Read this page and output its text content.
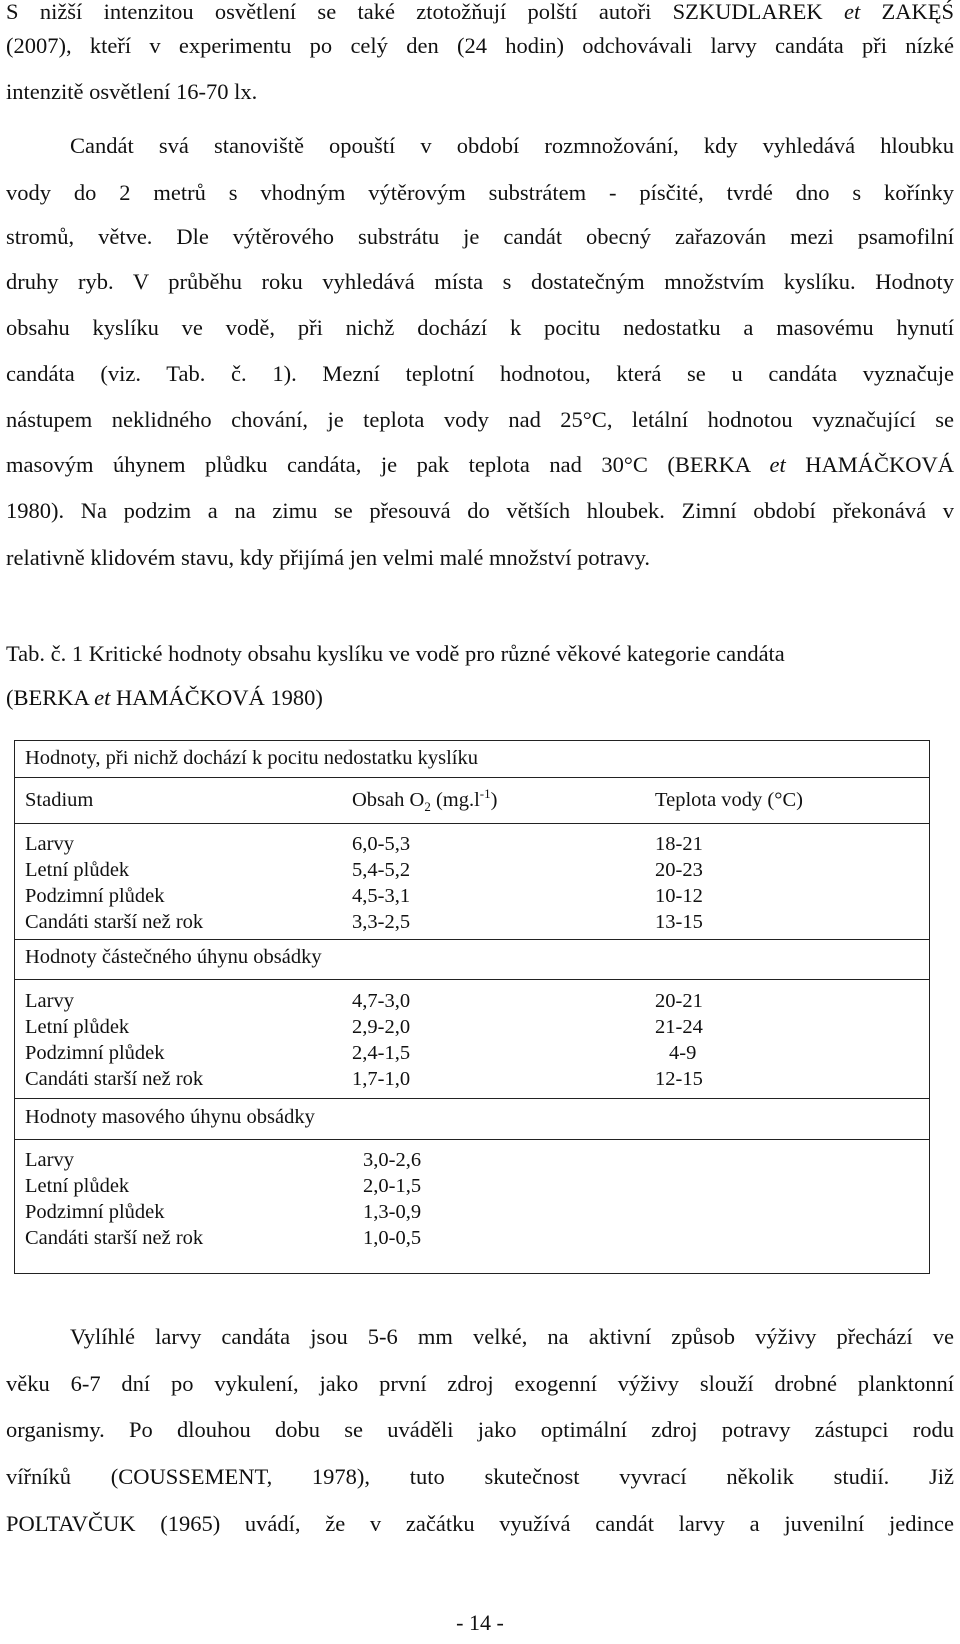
S nižší intenzitou osvětlení se také ztotožňují polští autoři SZKUDLAREK et ZAKĘŚ
(2007), kteří v experimentu po celý den (24 hodin) odchovávali larvy candáta při nízké
intenzitě osvětlení 16-70 lx.
Candát svá stanoviště opouští v období rozmnožování, kdy vyhledává hloubku
vody do 2 metrů s vhodným výtěrovým substrátem - písčité, tvrdé dno s kořínky
stromů, větve. Dle výtěrového substrátu je candát obecný zařazován mezi psamofilní
druhy ryb. V průběhu roku vyhledává místa s dostatečným množstvím kyslíku. Hodnoty
obsahu kyslíku ve vodě, při nichž dochází k pocitu nedostatku a masovému hynutí
candáta (viz. Tab. č. 1). Mezní teplotní hodnotou, která se u candáta vyznačuje
nástupem neklidného chování, je teplota vody nad 25°C, letální hodnotou vyznačující se
masovým úhynem plůdku candáta, je pak teplota nad 30°C (BERKA et HAMÁČKOVÁ
1980). Na podzim a na zimu se přesouvá do větších hloubek. Zimní období překonává v
relativně klidovém stavu, kdy přijímá jen velmi malé množství potravy.
Tab. č. 1 Kritické hodnoty obsahu kyslíku ve vodě pro různé věkové kategorie candáta
(BERKA et HAMÁČKOVÁ 1980)
Hodnoty, při nichž dochází k pocitu nedostatku kyslíku
Stadium	Obsah $O_2$ $(mg.l^{-1})$	Teplota vody (°C)
Larvy	6,0-5,3	18-21
Letní plůdek	5,4-5,2	20-23
Podzimní plůdek	4,5-3,1	10-12
Candáti starší než rok	3,3-2,5	13-15
Hodnoty částečného úhynu obsádky
Larvy	4,7-3,0	20-21
Letní plůdek	2,9-2,0	21-24
Podzimní plůdek	2,4-1,5	4-9
Candáti starší než rok	1,7-1,0	12-15
Hodnoty masového úhynu obsádky
Larvy	3,0-2,6
Letní plůdek	2,0-1,5
Podzimní plůdek	1,3-0,9
Candáti starší než rok	1,0-0,5
Vylíhlé larvy candáta jsou 5-6 mm velké, na aktivní způsob výživy přechází ve
věku 6-7 dní po vykulení, jako první zdroj exogenní výživy slouží drobné planktonní
organismy. Po dlouhou dobu se uváděli jako optimální zdroj potravy zástupci rodu
vířníků (COUSSEMENT, 1978), tuto skutečnost vyvrací několik studií. Již
POLTAVČUK (1965) uvádí, že v začátku využívá candát larvy a juvenilní jedince
- 14 -
